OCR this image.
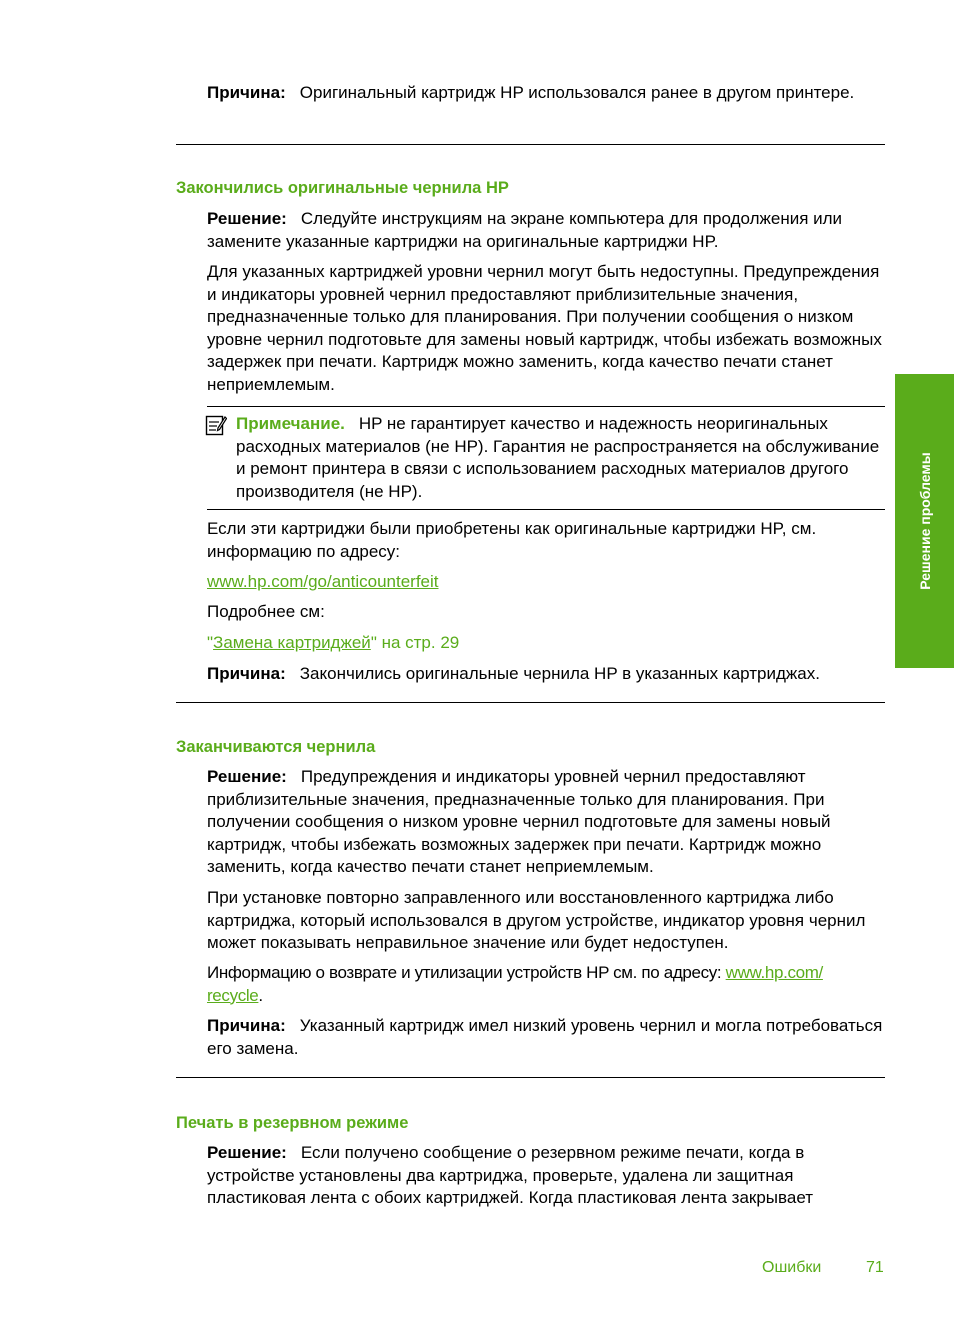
Причина: Оригинальный картридж HP использовался ранее в другом принтере.

Закончились оригинальные чернила HP

Решение: Следуйте инструкциям на экране компьютера для продолжения или замените указанные картриджи на оригинальные картриджи HP.

Для указанных картриджей уровни чернил могут быть недоступны. Предупреждения и индикаторы уровней чернил предоставляют приблизительные значения, предназначенные только для планирования. При получении сообщения о низком уровне чернил подготовьте для замены новый картридж, чтобы избежать возможных задержек при печати. Картридж можно заменить, когда качество печати станет неприемлемым.

Примечание. HP не гарантирует качество и надежность неоригинальных расходных материалов (не HP). Гарантия не распространяется на обслуживание и ремонт принтера в связи с использованием расходных материалов другого производителя (не HP).

Если эти картриджи были приобретены как оригинальные картриджи HP, см. информацию по адресу:

www.hp.com/go/anticounterfeit

Подробнее см:

"Замена картриджей" на стр. 29

Причина: Закончились оригинальные чернила HP в указанных картриджах.

Заканчиваются чернила

Решение: Предупреждения и индикаторы уровней чернил предоставляют приблизительные значения, предназначенные только для планирования. При получении сообщения о низком уровне чернил подготовьте для замены новый картридж, чтобы избежать возможных задержек при печати. Картридж можно заменить, когда качество печати станет неприемлемым.

При установке повторно заправленного или восстановленного картриджа либо картриджа, который использовался в другом устройстве, индикатор уровня чернил может показывать неправильное значение или будет недоступен.

Информацию о возврате и утилизации устройств HP см. по адресу: www.hp.com/
recycle.

Причина: Указанный картридж имел низкий уровень чернил и могла потребоваться его замена.

Печать в резервном режиме

Решение: Если получено сообщение о резервном режиме печати, когда в устройстве установлены два картриджа, проверьте, удалена ли защитная пластиковая лента с обоих картриджей. Когда пластиковая лента закрывает

Решение проблемы
Ошибки	71
